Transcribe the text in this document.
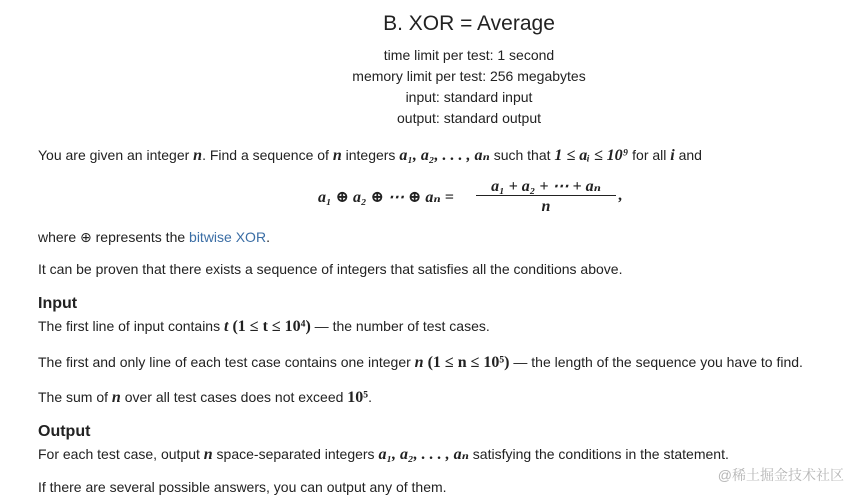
B. XOR = Average
time limit per test: 1 second
memory limit per test: 256 megabytes
input: standard input
output: standard output
You are given an integer n. Find a sequence of n integers a₁, a₂, . . . , aₙ such that 1 ≤ aᵢ ≤ 10⁹ for all i and
a₁ ⊕ a₂ ⊕ ⋯ ⊕ aₙ =
a₁ + a₂ + ⋯ + aₙ
n
,
where ⊕ represents the bitwise XOR.
It can be proven that there exists a sequence of integers that satisfies all the conditions above.
Input
The first line of input contains t (1 ≤ t ≤ 10⁴) — the number of test cases.
The first and only line of each test case contains one integer n (1 ≤ n ≤ 10⁵) — the length of the sequence you have to find.
The sum of n over all test cases does not exceed 10⁵.
Output
For each test case, output n space-separated integers a₁, a₂, . . . , aₙ satisfying the conditions in the statement.
If there are several possible answers, you can output any of them.
@稀土掘金技术社区
